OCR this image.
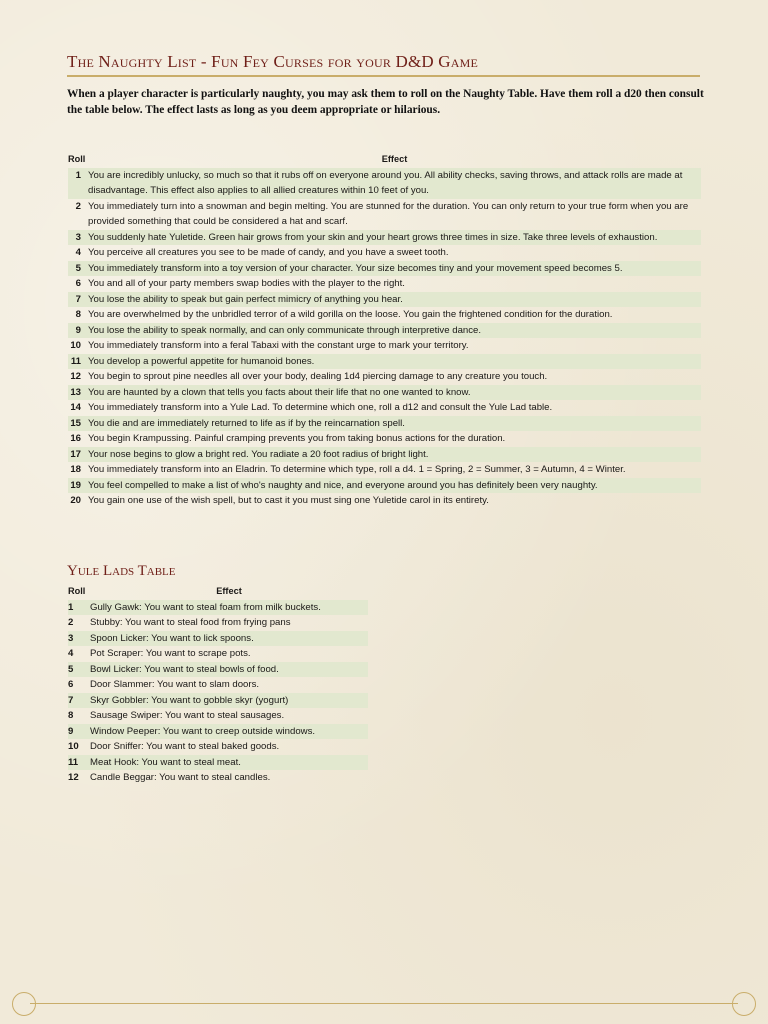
The Naughty List - Fun Fey Curses for your D&D Game
When a player character is particularly naughty, you may ask them to roll on the Naughty Table. Have them roll a d20 then consult the table below. The effect lasts as long as you deem appropriate or hilarious.
Roll	Effect
1	You are incredibly unlucky, so much so that it rubs off on everyone around you. All ability checks, saving throws, and attack rolls are made at disadvantage. This effect also applies to all allied creatures within 10 feet of you.
2	You immediately turn into a snowman and begin melting. You are stunned for the duration. You can only return to your true form when you are provided something that could be considered a hat and scarf.
3	You suddenly hate Yuletide. Green hair grows from your skin and your heart grows three times in size. Take three levels of exhaustion.
4	You perceive all creatures you see to be made of candy, and you have a sweet tooth.
5	You immediately transform into a toy version of your character. Your size becomes tiny and your movement speed becomes 5.
6	You and all of your party members swap bodies with the player to the right.
7	You lose the ability to speak but gain perfect mimicry of anything you hear.
8	You are overwhelmed by the unbridled terror of a wild gorilla on the loose. You gain the frightened condition for the duration.
9	You lose the ability to speak normally, and can only communicate through interpretive dance.
10	You immediately transform into a feral Tabaxi with the constant urge to mark your territory.
11	You develop a powerful appetite for humanoid bones.
12	You begin to sprout pine needles all over your body, dealing 1d4 piercing damage to any creature you touch.
13	You are haunted by a clown that tells you facts about their life that no one wanted to know.
14	You immediately transform into a Yule Lad. To determine which one, roll a d12 and consult the Yule Lad table.
15	You die and are immediately returned to life as if by the reincarnation spell.
16	You begin Krampussing. Painful cramping prevents you from taking bonus actions for the duration.
17	Your nose begins to glow a bright red. You radiate a 20 foot radius of bright light.
18	You immediately transform into an Eladrin. To determine which type, roll a d4. 1 = Spring, 2 = Summer, 3 = Autumn, 4 = Winter.
19	You feel compelled to make a list of who's naughty and nice, and everyone around you has definitely been very naughty.
20	You gain one use of the wish spell, but to cast it you must sing one Yuletide carol in its entirety.
Yule Lads Table
Roll	Effect
1	Gully Gawk: You want to steal foam from milk buckets.
2	Stubby: You want to steal food from frying pans
3	Spoon Licker: You want to lick spoons.
4	Pot Scraper: You want to scrape pots.
5	Bowl Licker: You want to steal bowls of food.
6	Door Slammer: You want to slam doors.
7	Skyr Gobbler: You want to gobble skyr (yogurt)
8	Sausage Swiper: You want to steal sausages.
9	Window Peeper: You want to creep outside windows.
10	Door Sniffer: You want to steal baked goods.
11	Meat Hook: You want to steal meat.
12	Candle Beggar: You want to steal candles.
